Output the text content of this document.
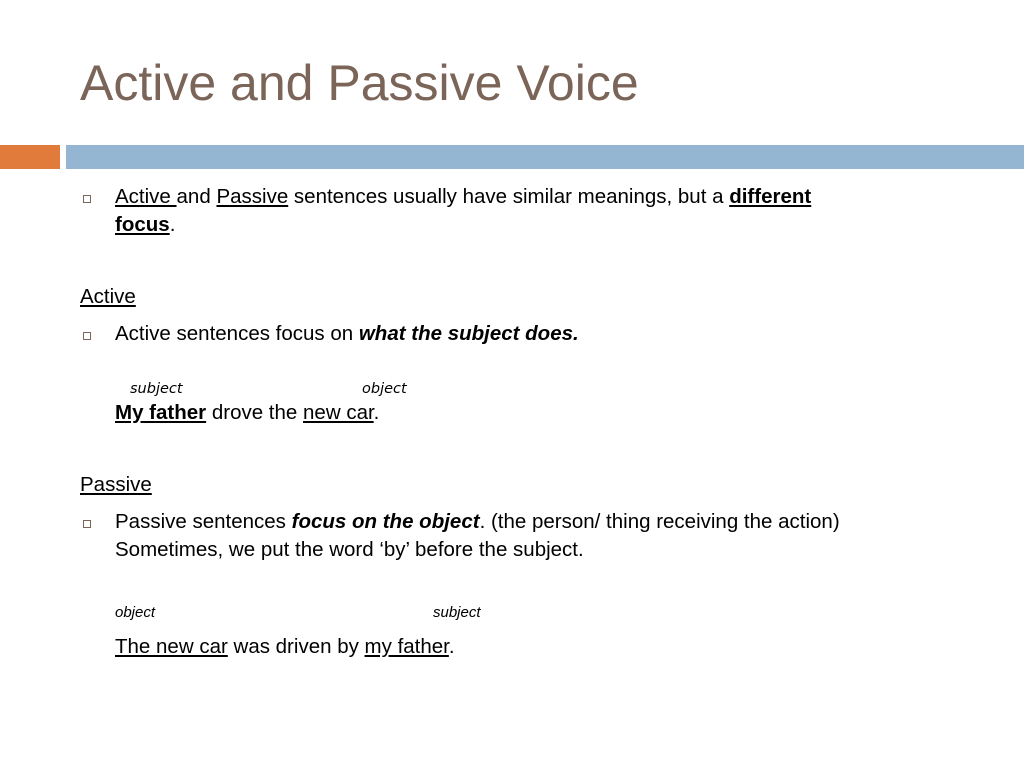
Active and Passive Voice

Active and Passive sentences usually have similar meanings, but a different

focus.

Active

Active sentences focus on what the subject does.

subject	object

My father drove the new car.

Passive

Passive sentences focus on the object. (the person/ thing receiving the action)

Sometimes, we put the word ‘by’ before the subject.

object	subject

The new car was driven by my father.
